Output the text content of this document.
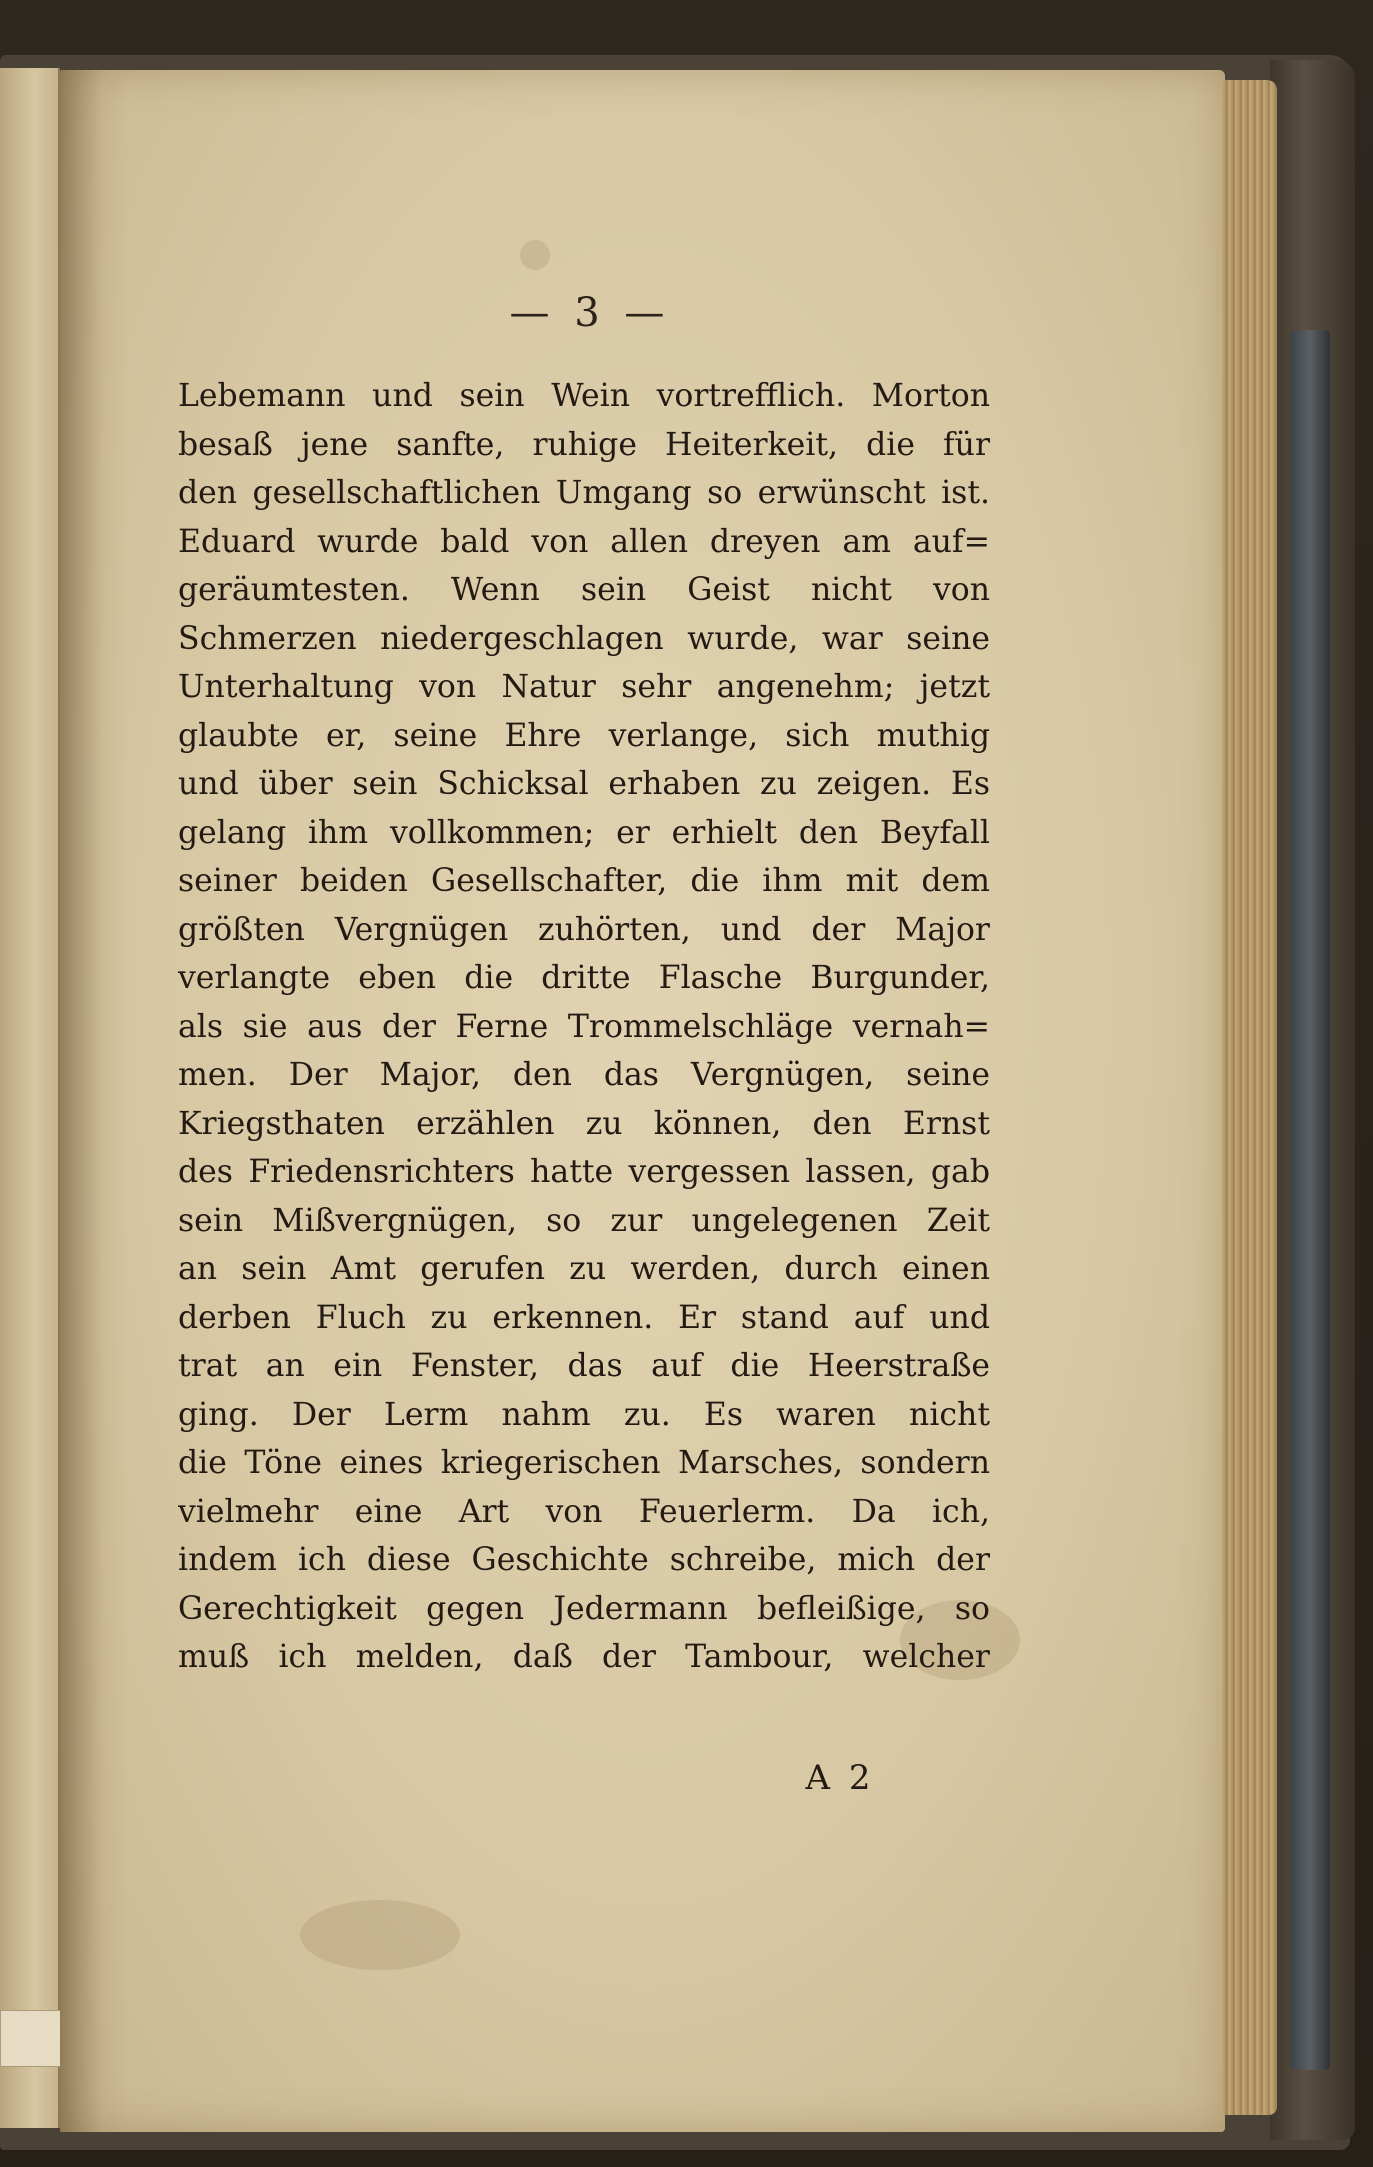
— 3 —
Lebemann und sein Wein vortrefflich. Morton
besaß jene sanfte, ruhige Heiterkeit, die für
den gesellschaftlichen Umgang so erwünscht ist.
Eduard wurde bald von allen dreyen am auf=
geräumtesten. Wenn sein Geist nicht von
Schmerzen niedergeschlagen wurde, war seine
Unterhaltung von Natur sehr angenehm; jetzt
glaubte er, seine Ehre verlange, sich muthig
und über sein Schicksal erhaben zu zeigen. Es
gelang ihm vollkommen; er erhielt den Beyfall
seiner beiden Gesellschafter, die ihm mit dem
größten Vergnügen zuhörten, und der Major
verlangte eben die dritte Flasche Burgunder,
als sie aus der Ferne Trommelschläge vernah=
men. Der Major, den das Vergnügen, seine
Kriegsthaten erzählen zu können, den Ernst
des Friedensrichters hatte vergessen lassen, gab
sein Mißvergnügen, so zur ungelegenen Zeit
an sein Amt gerufen zu werden, durch einen
derben Fluch zu erkennen. Er stand auf und
trat an ein Fenster, das auf die Heerstraße
ging. Der Lerm nahm zu. Es waren nicht
die Töne eines kriegerischen Marsches, sondern
vielmehr eine Art von Feuerlerm. Da ich,
indem ich diese Geschichte schreibe, mich der
Gerechtigkeit gegen Jedermann befleißige, so
muß ich melden, daß der Tambour, welcher
A 2
